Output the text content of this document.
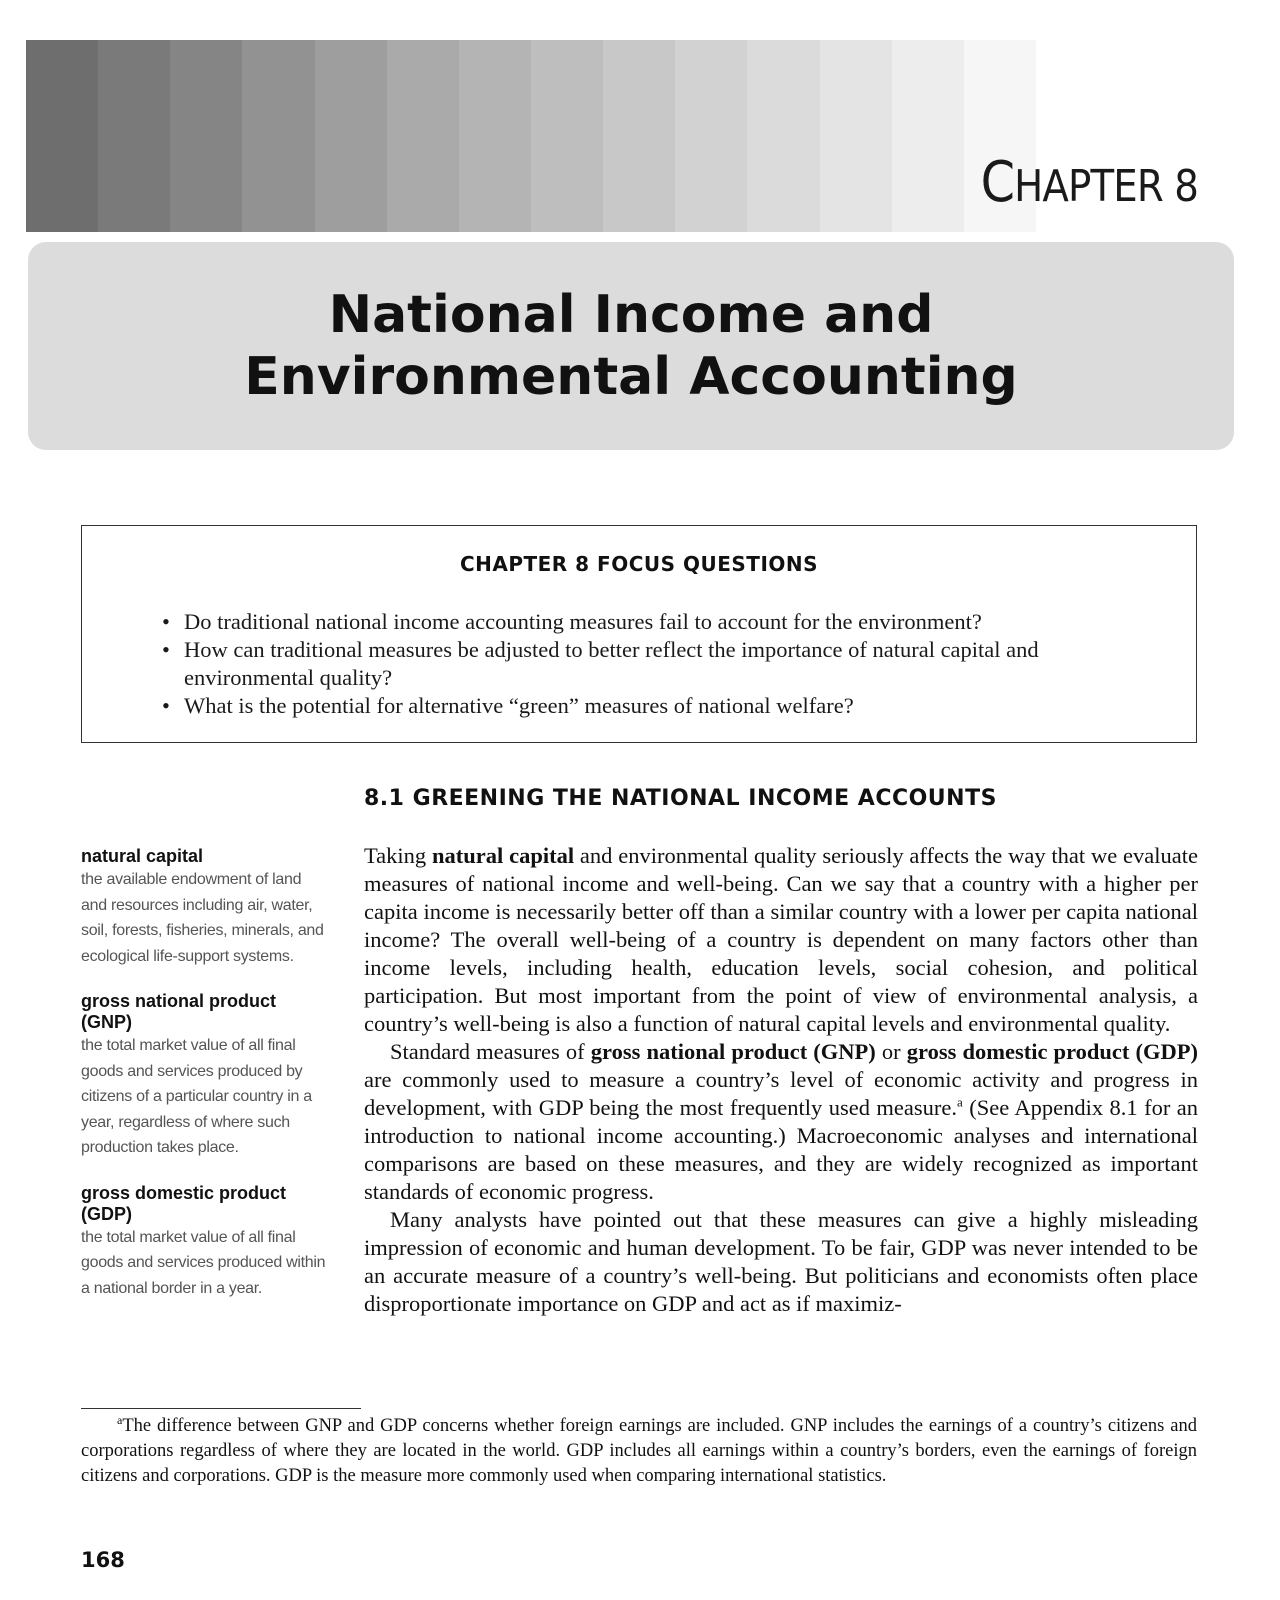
CHAPTER 8
National Income and
Environmental Accounting
CHAPTER 8 FOCUS QUESTIONS
• Do traditional national income accounting measures fail to account for the environment?
• How can traditional measures be adjusted to better reflect the importance of natural capital and environmental quality?
• What is the potential for alternative “green” measures of national welfare?
8.1 GREENING THE NATIONAL INCOME ACCOUNTS

natural capital

the available endowment of land and resources including air, water, soil, forests, fisheries, minerals, and ecological life-support systems.

gross national product (GNP)

the total market value of all final goods and services produced by citizens of a particular country in a year, regardless of where such production takes place.

gross domestic product (GDP)

the total market value of all final goods and services produced within a national border in a year.

Taking natural capital and environmental quality seriously affects the way that we evaluate measures of national income and well-being. Can we say that a country with a higher per capita income is necessarily better off than a similar country with a lower per capita national income? The overall well-being of a country is dependent on many factors other than income levels, including health, education levels, social cohesion, and political participation. But most important from the point of view of environmental analysis, a country’s well-being is also a function of natural capital levels and environmental quality.

Standard measures of gross national product (GNP) or gross domestic product (GDP) are commonly used to measure a country’s level of economic activity and progress in development, with GDP being the most frequently used measure.$^a$ (See Appendix 8.1 for an introduction to national income accounting.) Macroeconomic analyses and international comparisons are based on these measures, and they are widely recognized as important standards of economic progress.

Many analysts have pointed out that these measures can give a highly misleading impression of economic and human development. To be fair, GDP was never intended to be an accurate measure of a country’s well-being. But politicians and economists often place disproportionate importance on GDP and act as if maximiz-

$^a$The difference between GNP and GDP concerns whether foreign earnings are included. GNP includes the earnings of a country’s citizens and corporations regardless of where they are located in the world. GDP includes all earnings within a country’s borders, even the earnings of foreign citizens and corporations. GDP is the measure more commonly used when comparing international statistics.

168
